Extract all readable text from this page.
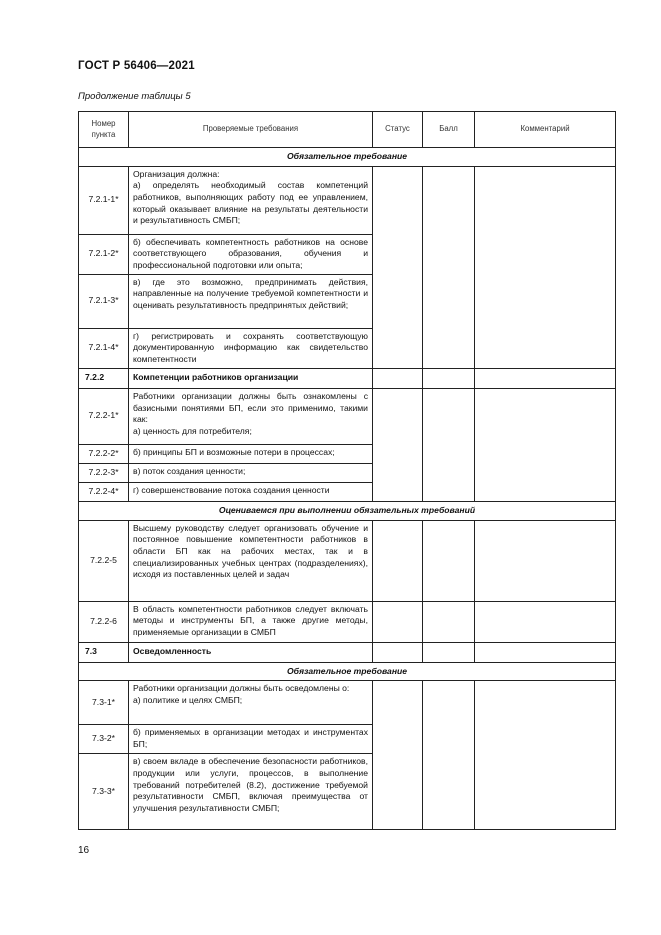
ГОСТ Р 56406—2021
Продолжение таблицы 5
Номер пункта	Проверяемые требования	Статус	Балл	Комментарий
Обязательное требование				
7.2.1-1*	Организация должна:
а) определять необходимый состав компетенций работников, выполняющих работу под ее управлением, который оказывает влияние на результаты деятельности и результативность СМБП;			

7.2.1-2*	б) обеспечивать компетентность работников на основе соответствующего образования, обучения и профессиональной подготовки или опыта;			
7.2.1-3*	в) где это возможно, предпринимать действия, направленные на получение требуемой компетентности и оценивать результативность предпринятых действий;			
7.2.1-4*	г) регистрировать и сохранять соответствующую документированную информацию как свидетельство компетентности			
7.2.2	Компетенции работников организации			
7.2.2-1*	Работники организации должны быть ознакомлены с базисными понятиями БП, если это применимо, такими как:
а) ценность для потребителя;			

7.2.2-2*	б) принципы БП и возможные потери в процессах;			
7.2.2-3*	в) поток создания ценности;			
7.2.2-4*	г) совершенствование потока создания ценности			
Оцениваемся при выполнении обязательных требований				
7.2.2-5	Высшему руководству следует организовать обучение и постоянное повышение компетентности работников в области БП как на рабочих местах, так и в специализированных учебных центрах (подразделениях), исходя из поставленных целей и задач			
7.2.2-6	В область компетентности работников следует включать методы и инструменты БП, а также другие методы, применяемые организации в СМБП			
7.3	Осведомленность			
Обязательное требование				
7.3-1*	Работники организации должны быть осведомлены о:
а) политике и целях СМБП;			

7.3-2*	б) применяемых в организации методах и инструментах БП;			
7.3-3*	в) своем вкладе в обеспечение безопасности работников, продукции или услуги, процессов, в выполнение требований потребителей (8.2), достижение требуемой результативности СМБП, включая преимущества от улучшения результативности СМБП;			
16
